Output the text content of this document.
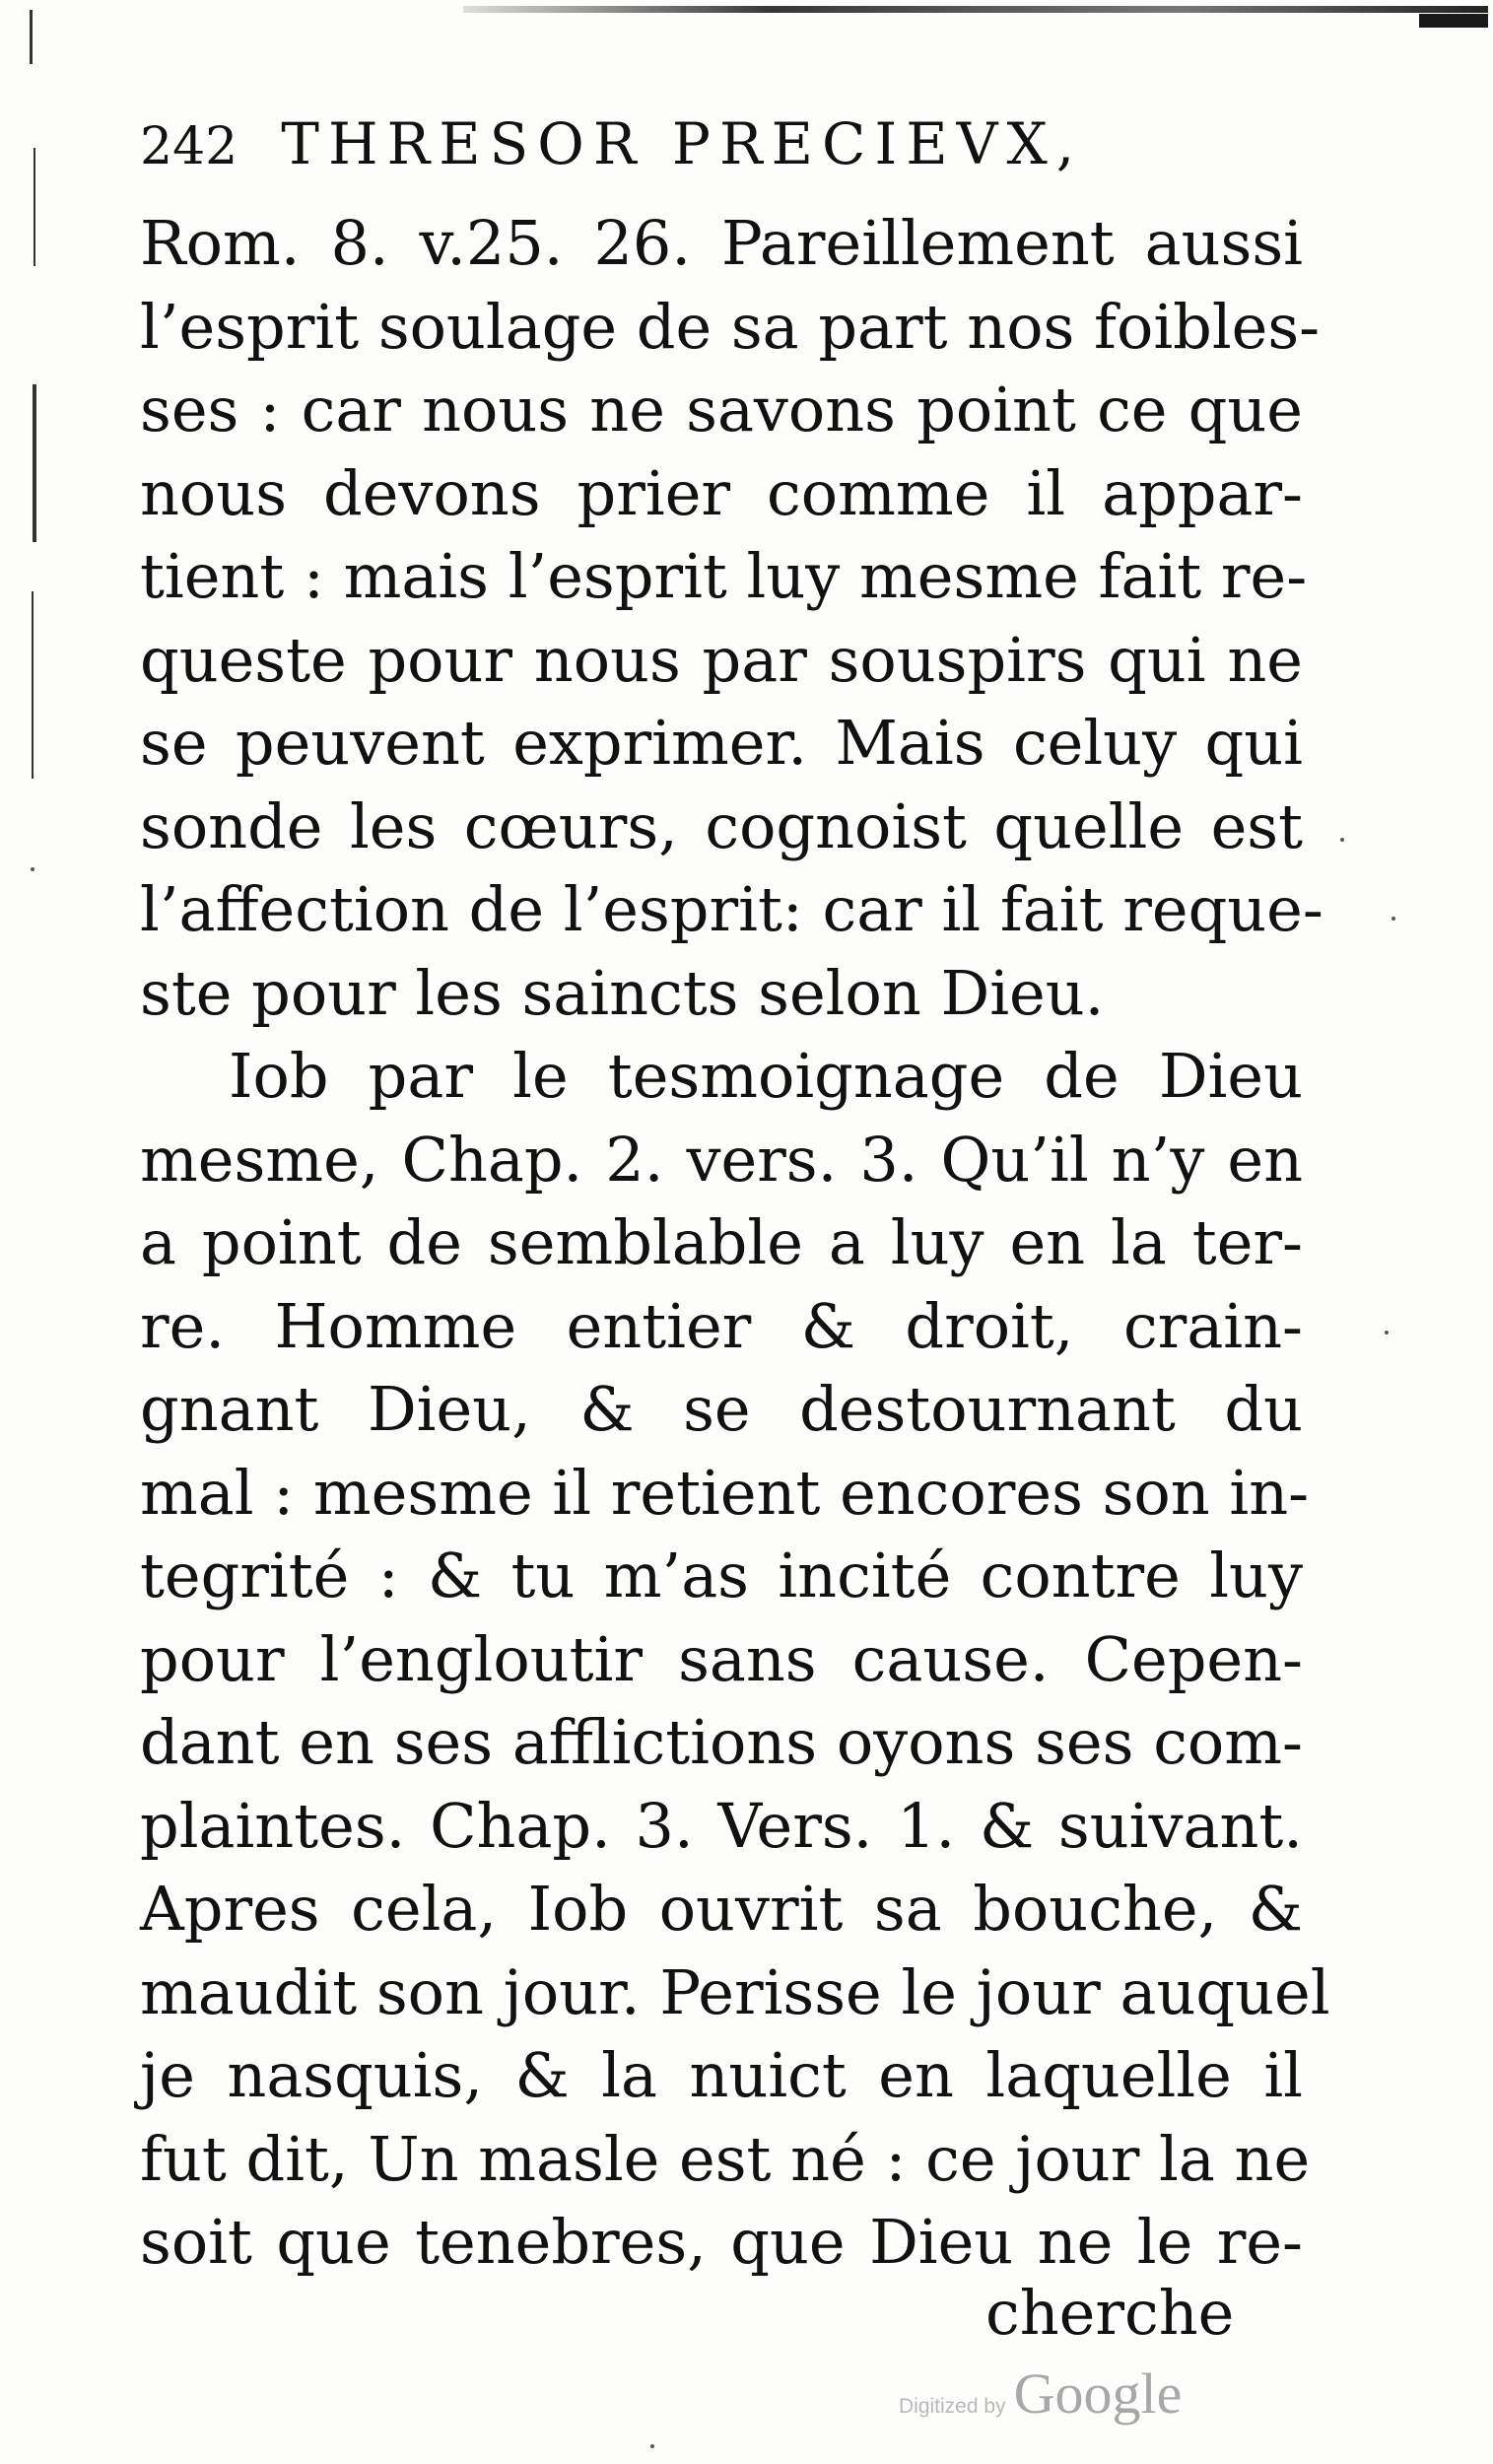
242 THRESOR PRECIEVX,
Rom. 8. v.25. 26. Pareillement aussi
l’esprit soulage de sa part nos foibles-
ses : car nous ne savons point ce que
nous devons prier comme il appar-
tient : mais l’esprit luy mesme fait re-
queste pour nous par souspirs qui ne
se peuvent exprimer. Mais celuy qui
sonde les cœurs, cognoist quelle est
l’affection de l’esprit: car il fait reque-
ste pour les saincts selon Dieu.
Iob par le tesmoignage de Dieu
mesme, Chap. 2. vers. 3. Qu’il n’y en
a point de semblable a luy en la ter-
re. Homme entier & droit, crain-
gnant Dieu, & se destournant du
mal : mesme il retient encores son in-
tegrité : & tu m’as incité contre luy
pour l’engloutir sans cause. Cepen-
dant en ses afflictions oyons ses com-
plaintes. Chap. 3. Vers. 1. & suivant.
Apres cela, Iob ouvrit sa bouche, &
maudit son jour. Perisse le jour auquel
je nasquis, & la nuict en laquelle il
fut dit, Un masle est né : ce jour la ne
soit que tenebres, que Dieu ne le re-
cherche
Digitized by Google
